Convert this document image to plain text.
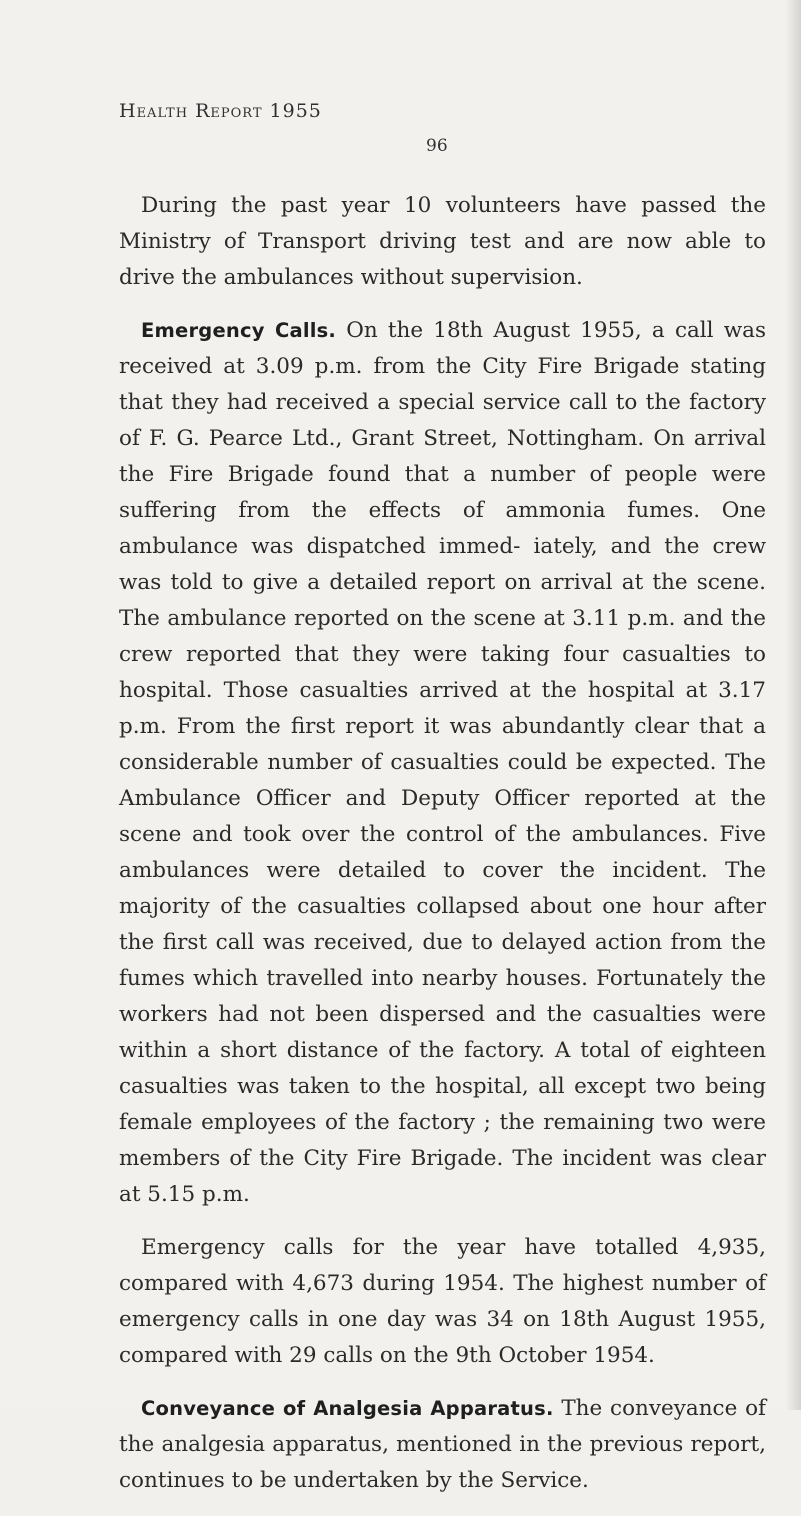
Health Report 1955
96

During the past year 10 volunteers have passed the Ministry of Transport driving test and are now able to drive the ambulances without supervision.

Emergency Calls. On the 18th August 1955, a call was received at 3.09 p.m. from the City Fire Brigade stating that they had received a special service call to the factory of F. G. Pearce Ltd., Grant Street, Nottingham. On arrival the Fire Brigade found that a number of people were suffering from the effects of ammonia fumes. One ambulance was dispatched immed- iately, and the crew was told to give a detailed report on arrival at the scene. The ambulance reported on the scene at 3.11 p.m. and the crew reported that they were taking four casualties to hospital. Those casualties arrived at the hospital at 3.17 p.m. From the first report it was abundantly clear that a considerable number of casualties could be expected. The Ambulance Officer and Deputy Officer reported at the scene and took over the control of the ambulances. Five ambulances were detailed to cover the incident. The majority of the casualties collapsed about one hour after the first call was received, due to delayed action from the fumes which travelled into nearby houses. Fortunately the workers had not been dispersed and the casualties were within a short distance of the factory. A total of eighteen casualties was taken to the hospital, all except two being female employees of the factory ; the remaining two were members of the City Fire Brigade. The incident was clear at 5.15 p.m.

Emergency calls for the year have totalled 4,935, compared with 4,673 during 1954. The highest number of emergency calls in one day was 34 on 18th August 1955, compared with 29 calls on the 9th October 1954.

Conveyance of Analgesia Apparatus. The conveyance of the analgesia apparatus, mentioned in the previous report, continues to be undertaken by the Service.
